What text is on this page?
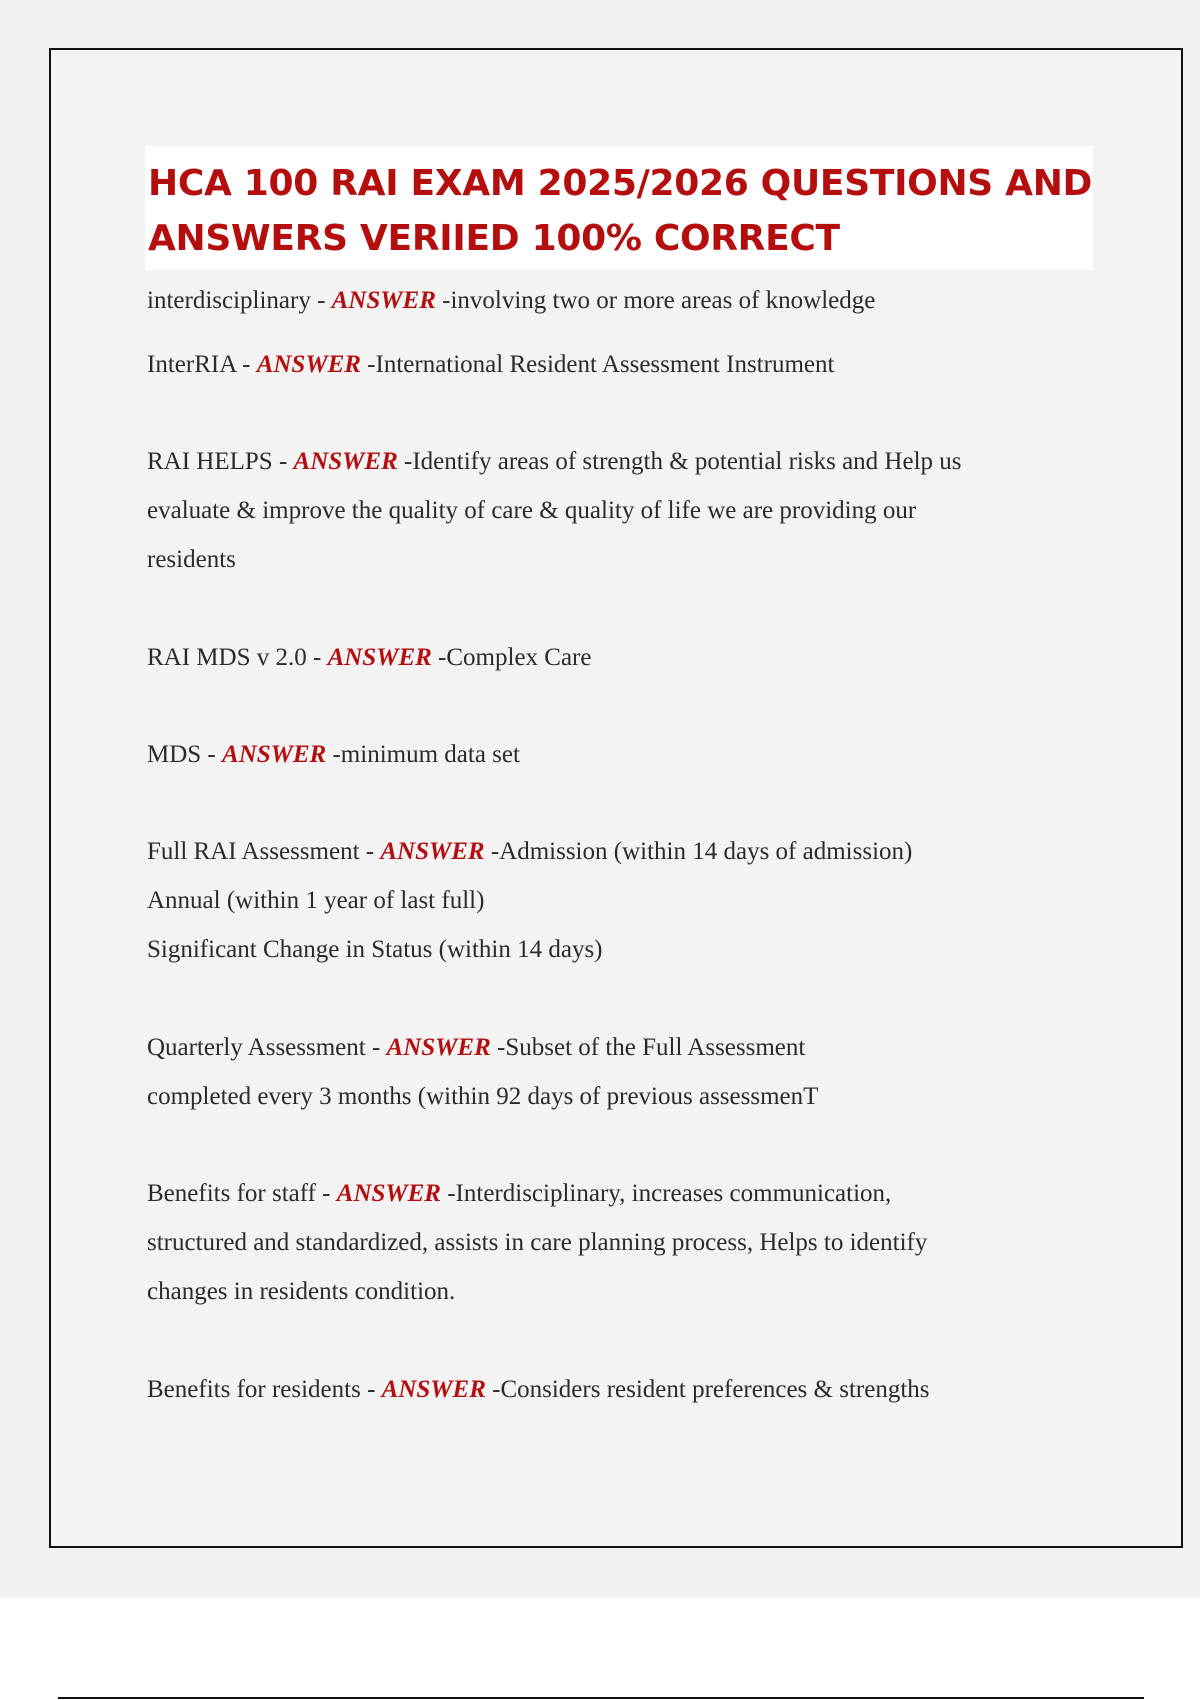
HCA 100 RAI EXAM 2025/2026 QUESTIONS AND
ANSWERS VERIIED 100% CORRECT
interdisciplinary - ANSWER -involving two or more areas of knowledge
InterRIA - ANSWER -International Resident Assessment Instrument
RAI HELPS - ANSWER -Identify areas of strength & potential risks and Help us
evaluate & improve the quality of care & quality of life we are providing our
residents
RAI MDS v 2.0 - ANSWER -Complex Care
MDS - ANSWER -minimum data set
Full RAI Assessment - ANSWER -Admission (within 14 days of admission)
Annual (within 1 year of last full)
Significant Change in Status (within 14 days)
Quarterly Assessment - ANSWER -Subset of the Full Assessment
completed every 3 months (within 92 days of previous assessmenT
Benefits for staff - ANSWER -Interdisciplinary, increases communication,
structured and standardized, assists in care planning process, Helps to identify
changes in residents condition.
Benefits for residents - ANSWER -Considers resident preferences & strengths
